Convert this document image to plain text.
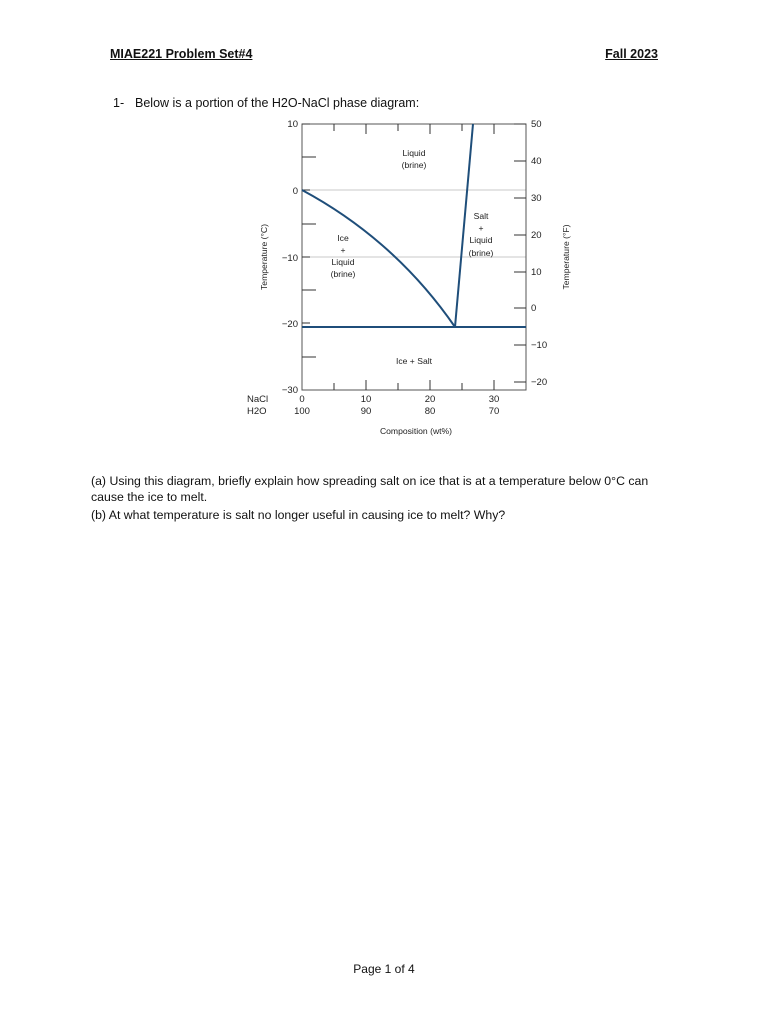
MIAE221 Problem Set#4	Fall 2023
1- Below is a portion of the H2O-NaCl phase diagram:
10
0
−10
−20
−30
50
40
30
20
10
0
−10
−20
0	10	20	30
100	90	80	70
NaCl
H2O
Composition (wt%)
Temperature (°C)	Temperature (°F)
Liquid
(brine)
Ice
+
Liquid
(brine)
Salt
+
Liquid
(brine)
Ice + Salt
(a) Using this diagram, briefly explain how spreading salt on ice that is at a temperature below 0°C can cause the ice to melt.
(b) At what temperature is salt no longer useful in causing ice to melt? Why?
Page 1 of 4
